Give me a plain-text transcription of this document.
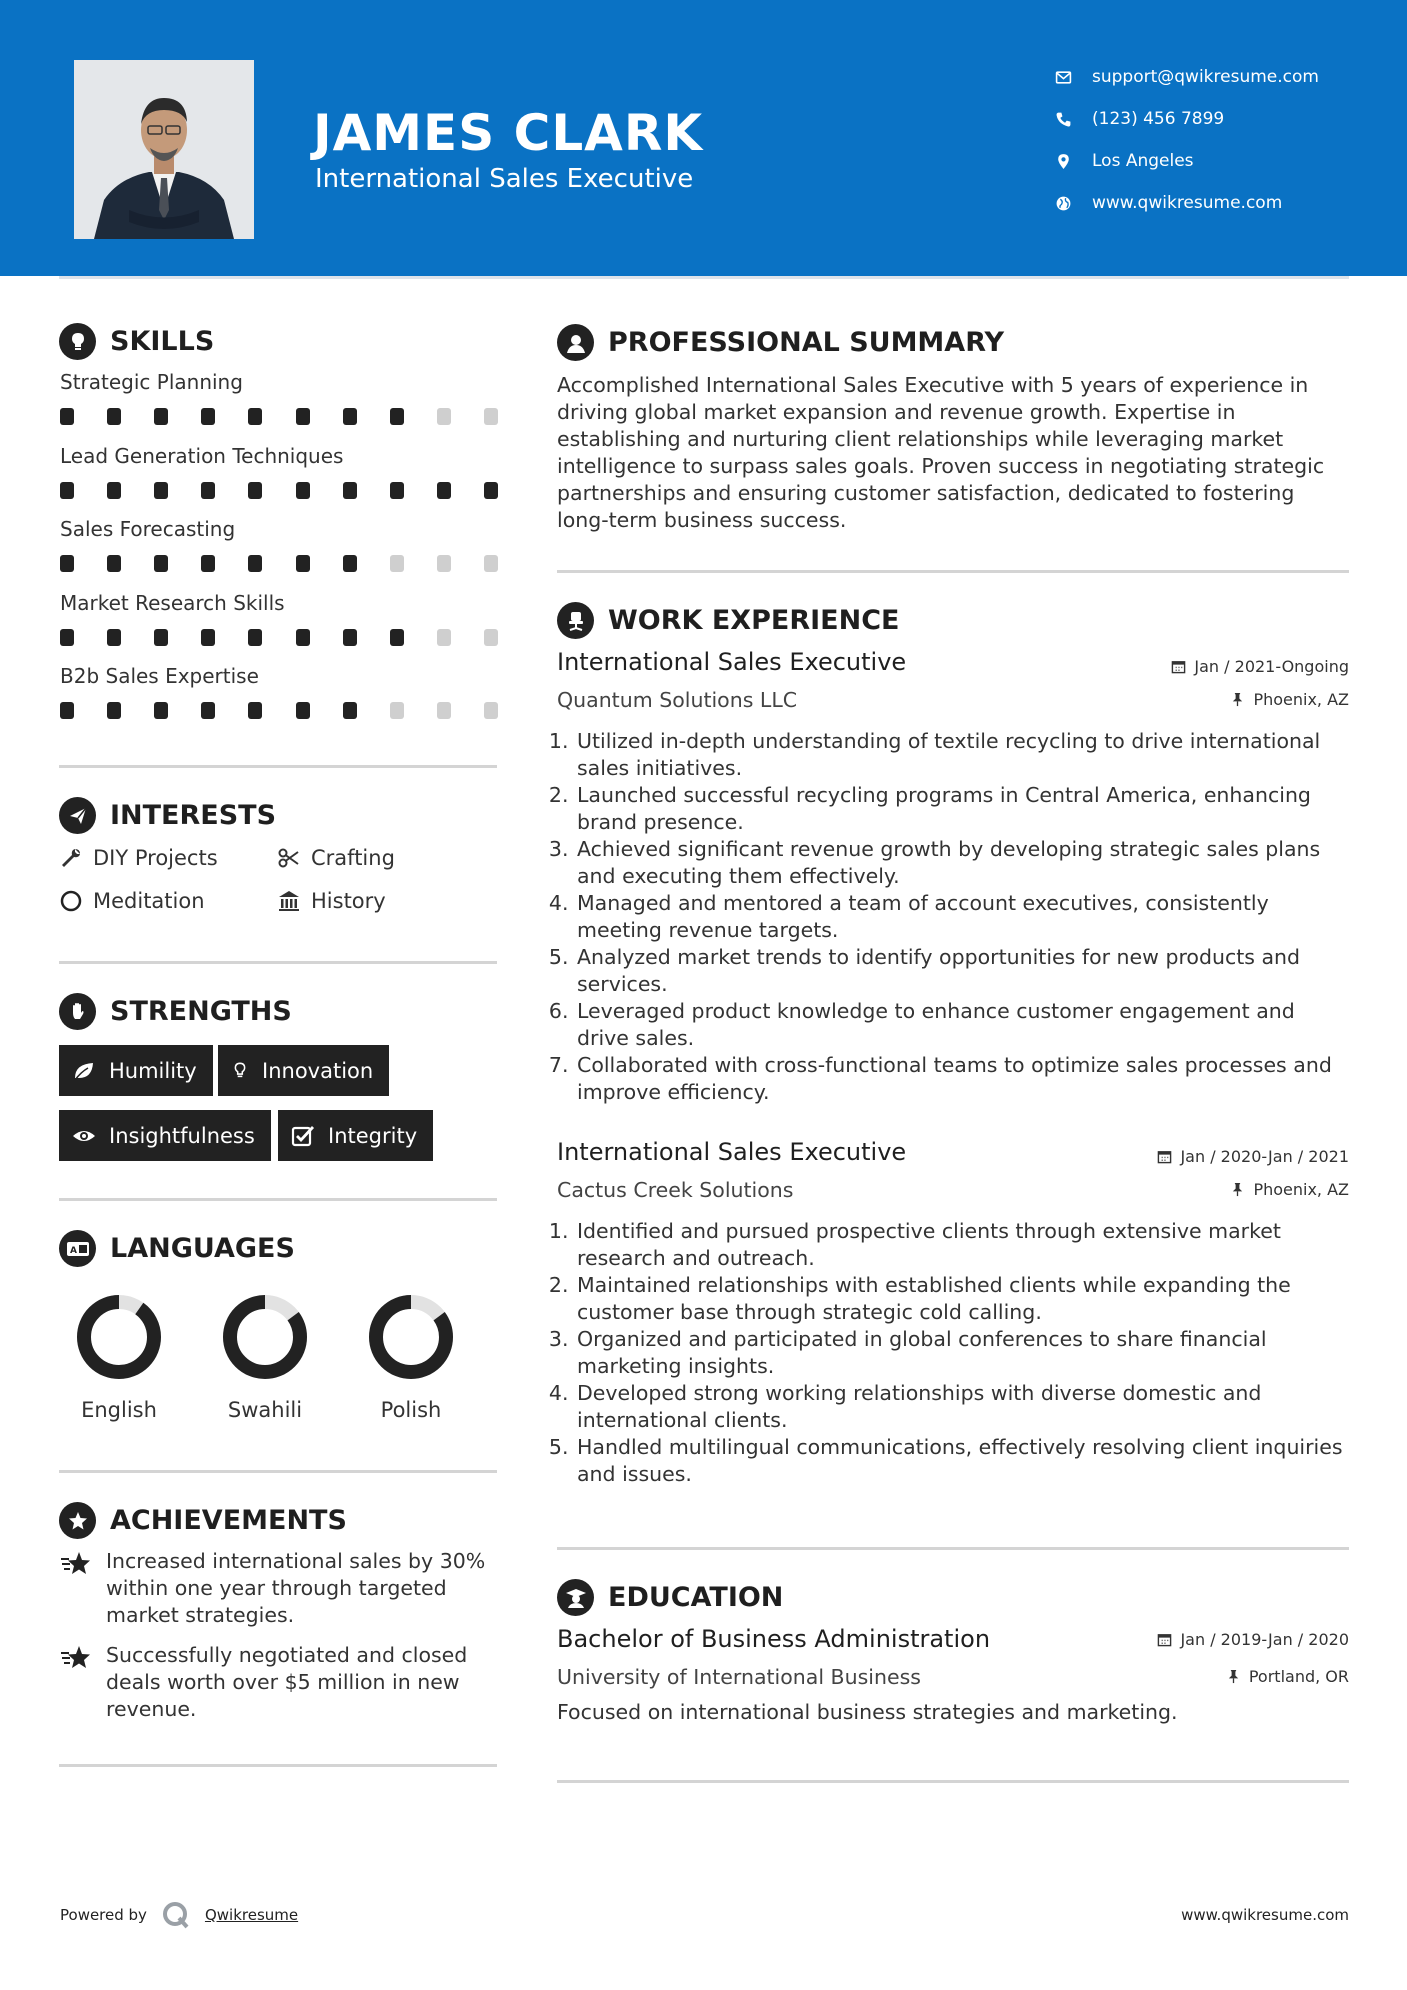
JAMES CLARK
International Sales Executive
support@qwikresume.com
(123) 456 7899
Los Angeles
www.qwikresume.com
SKILLS
Strategic Planning
Lead Generation Techniques
Sales Forecasting
Market Research Skills
B2b Sales Expertise
INTERESTS
DIY Projects	Crafting
Meditation	History
STRENGTHS
Humility	Innovation
Insightfulness	Integrity
A LANGUAGES
English	Swahili	Polish
ACHIEVEMENTS
Increased international sales by 30% within one year through targeted market strategies.
Successfully negotiated and closed deals worth over $5 million in new revenue.
PROFESSIONAL SUMMARY
Accomplished International Sales Executive with 5 years of experience in driving global market expansion and revenue growth. Expertise in establishing and nurturing client relationships while leveraging market intelligence to surpass sales goals. Proven success in negotiating strategic partnerships and ensuring customer satisfaction, dedicated to fostering long-term business success.
WORK EXPERIENCE
International Sales Executive	Jan / 2021-Ongoing
Quantum Solutions LLC	Phoenix, AZ
1. Utilized in-depth understanding of textile recycling to drive international sales initiatives.
2. Launched successful recycling programs in Central America, enhancing brand presence.
3. Achieved significant revenue growth by developing strategic sales plans and executing them effectively.
4. Managed and mentored a team of account executives, consistently meeting revenue targets.
5. Analyzed market trends to identify opportunities for new products and services.
6. Leveraged product knowledge to enhance customer engagement and drive sales.
7. Collaborated with cross-functional teams to optimize sales processes and improve efficiency.
International Sales Executive	Jan / 2020-Jan / 2021
Cactus Creek Solutions	Phoenix, AZ
1. Identified and pursued prospective clients through extensive market research and outreach.
2. Maintained relationships with established clients while expanding the customer base through strategic cold calling.
3. Organized and participated in global conferences to share financial marketing insights.
4. Developed strong working relationships with diverse domestic and international clients.
5. Handled multilingual communications, effectively resolving client inquiries and issues.
EDUCATION
Bachelor of Business Administration	Jan / 2019-Jan / 2020
University of International Business	Portland, OR
Focused on international business strategies and marketing.
Powered by	Qwikresume	www.qwikresume.com
